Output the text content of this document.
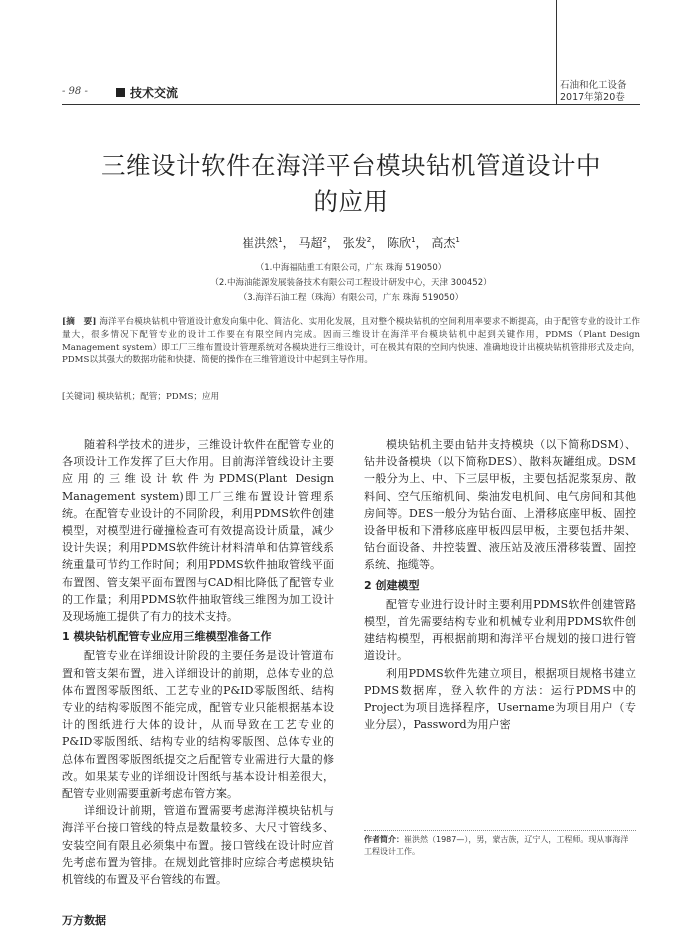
- 98 -	技术交流
石油和化工设备
2017年第20卷
三维设计软件在海洋平台模块钻机管道设计中
的应用
崔洪然$^1$， 马超$^2$， 张发$^2$， 陈欣$^1$， 高杰$^1$
（1.中海福陆重工有限公司，广东 珠海 519050）
（2.中海油能源发展装备技术有限公司工程设计研发中心，天津 300452）
（3.海洋石油工程（珠海）有限公司，广东 珠海 519050）
[摘　要] 海洋平台模块钻机中管道设计愈发向集中化、简洁化、实用化发展，且对整个模块钻机的空间利用率要求不断提高，由于配管专业的设计工作量大，很多情况下配管专业的设计工作要在有限空间内完成。因而三维设计在海洋平台模块钻机中起到关键作用，PDMS（Plant Design Management system）即工厂三维布置设计管理系统对各模块进行三维设计，可在极其有限的空间内快速、准确地设计出模块钻机管排形式及走向，PDMS以其强大的数据功能和快捷、简便的操作在三维管道设计中起到主导作用。
[关键词] 模块钻机；配管；PDMS；应用

随着科学技术的进步，三维设计软件在配管专业的各项设计工作发挥了巨大作用。目前海洋管线设计主要应用的三维设计软件为PDMS(Plant Design Management system)即工厂三维布置设计管理系统。在配管专业设计的不同阶段，利用PDMS软件创建模型，对模型进行碰撞检查可有效提高设计质量，减少设计失误；利用PDMS软件统计材料清单和估算管线系统重量可节约工作时间；利用PDMS软件抽取管线平面布置图、管支架平面布置图与CAD相比降低了配管专业的工作量；利用PDMS软件抽取管线三维图为加工设计及现场施工提供了有力的技术支持。

1 模块钻机配管专业应用三维模型准备工作

配管专业在详细设计阶段的主要任务是设计管道布置和管支架布置，进入详细设计的前期，总体专业的总体布置图零版图纸、工艺专业的P&ID零版图纸、结构专业的结构零版图不能完成，配管专业只能根据基本设计的图纸进行大体的设计，从而导致在工艺专业的P&ID零版图纸、结构专业的结构零版图、总体专业的总体布置图零版图纸提交之后配管专业需进行大量的修改。如果某专业的详细设计图纸与基本设计相差很大，配管专业则需要重新考虑布管方案。

详细设计前期，管道布置需要考虑海洋模块钻机与海洋平台接口管线的特点是数量较多、大尺寸管线多、安装空间有限且必须集中布置。接口管线在设计时应首先考虑布置为管排。在规划此管排时应综合考虑模块钻机管线的布置及平台管线的布置。

模块钻机主要由钻井支持模块（以下简称DSM）、钻井设备模块（以下简称DES）、散料灰罐组成。DSM一般分为上、中、下三层甲板，主要包括泥浆泵房、散料间、空气压缩机间、柴油发电机间、电气房间和其他房间等。DES一般分为钻台面、上滑移底座甲板、固控设备甲板和下滑移底座甲板四层甲板，主要包括井架、钻台面设备、井控装置、液压站及液压滑移装置、固控系统、拖缆等。

2 创建模型

配管专业进行设计时主要利用PDMS软件创建管路模型，首先需要结构专业和机械专业利用PDMS软件创建结构模型，再根据前期和海洋平台规划的接口进行管道设计。

利用PDMS软件先建立项目，根据项目规格书建立PDMS数据库，登入软件的方法：运行PDMS中的Project为项目选择程序，Username为项目用户（专业分层），Password为用户密

作者简介：崔洪然（1987—），男，蒙古族，辽宁人，工程师。现从事海洋工程设计工作。
万方数据
